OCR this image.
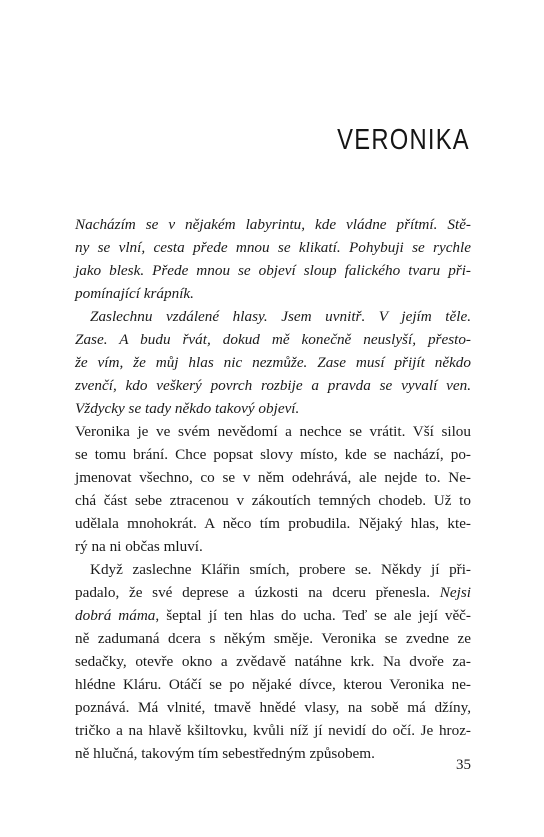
VERONIKA
Nacházím se v nějakém labyrintu, kde vládne přítmí. Stě-
ny se vlní, cesta přede mnou se klikatí. Pohybuji se rychle
jako blesk. Přede mnou se objeví sloup falického tvaru při-
pomínající krápník.
Zaslechnu vzdálené hlasy. Jsem uvnitř. V jejím těle.
Zase. A budu řvát, dokud mě konečně neuslyší, přesto-
že vím, že můj hlas nic nezmůže. Zase musí přijít někdo
zvenčí, kdo veškerý povrch rozbije a pravda se vyvalí ven.
Vždycky se tady někdo takový objeví.
Veronika je ve svém nevědomí a nechce se vrátit. Vší silou
se tomu brání. Chce popsat slovy místo, kde se nachází, po-
jmenovat všechno, co se v něm odehrává, ale nejde to. Ne-
chá část sebe ztracenou v zákoutích temných chodeb. Už to
udělala mnohokrát. A něco tím probudila. Nějaký hlas, kte-
rý na ni občas mluví.
Když zaslechne Klářin smích, probere se. Někdy jí při-
padalo, že své deprese a úzkosti na dceru přenesla. Nejsi
dobrá máma, šeptal jí ten hlas do ucha. Teď se ale její věč-
ně zadumaná dcera s někým směje. Veronika se zvedne ze
sedačky, otevře okno a zvědavě natáhne krk. Na dvoře za-
hlédne Kláru. Otáčí se po nějaké dívce, kterou Veronika ne-
poznává. Má vlnité, tmavě hnědé vlasy, na sobě má džíny,
tričko a na hlavě kšiltovku, kvůli níž jí nevidí do očí. Je hroz-
ně hlučná, takovým tím sebestředným způsobem.

35
